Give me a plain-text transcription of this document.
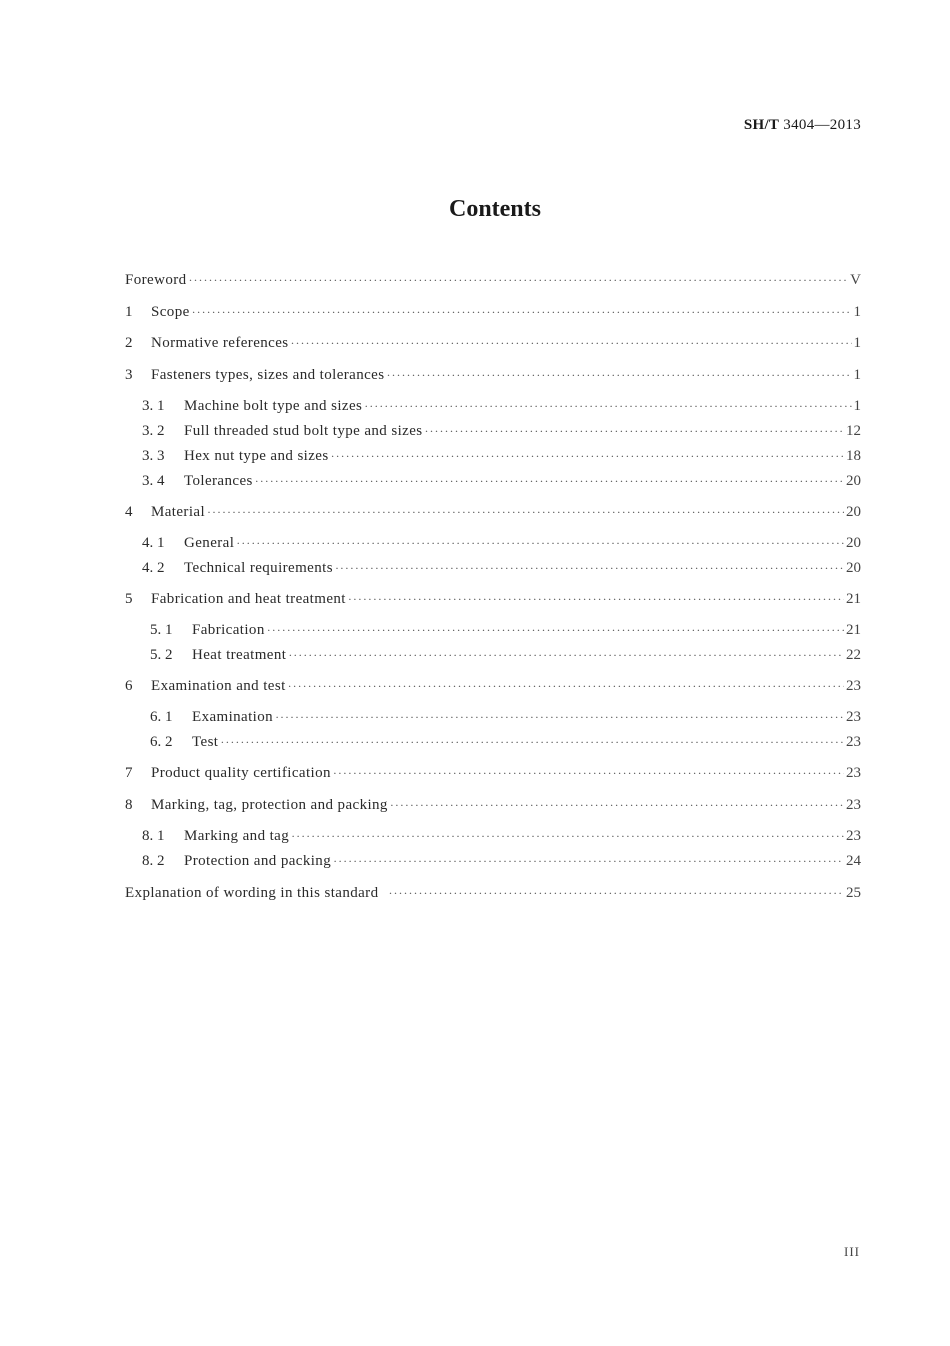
SH/T 3404—2013
Contents
Foreword ·····	V
1	Scope ·····	1
2	Normative references ·····	1
3	Fasteners types, sizes and tolerances ·····	1
3. 1	Machine bolt type and sizes ·····	1
3. 2	Full threaded stud bolt type and sizes ·····	12
3. 3	Hex nut type and sizes ·····	18
3. 4	Tolerances ·····	20
4	Material ·····	20
4. 1	General ·····	20
4. 2	Technical requirements ·····	20
5	Fabrication and heat treatment ·····	21
5. 1	Fabrication ·····	21
5. 2	Heat treatment ·····	22
6	Examination and test ·····	23
6. 1	Examination ·····	23
6. 2	Test ·····	23
7	Product quality certification ·····	23
8	Marking, tag, protection and packing ·····	23
8. 1	Marking and tag ·····	23
8. 2	Protection and packing ·····	24
Explanation of wording in this standard ·····	25
III
